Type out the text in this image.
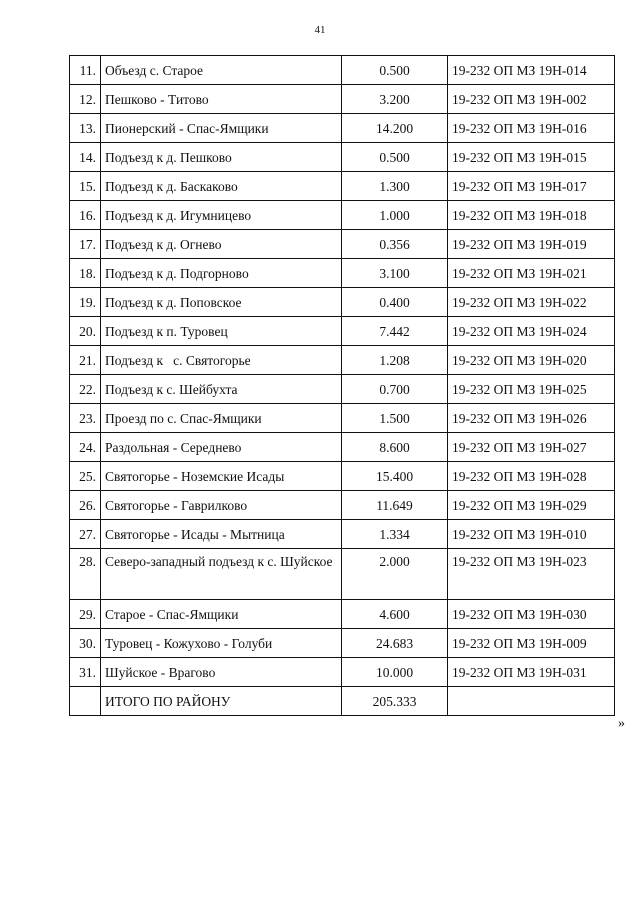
41
11.	Объезд с. Старое	0.500	19-232 ОП МЗ 19Н-014
12.	Пешково - Титово	3.200	19-232 ОП МЗ 19Н-002
13.	Пионерский - Спас-Ямщики	14.200	19-232 ОП МЗ 19Н-016
14.	Подъезд к д. Пешково	0.500	19-232 ОП МЗ 19Н-015
15.	Подъезд к д. Баскаково	1.300	19-232 ОП МЗ 19Н-017
16.	Подъезд к д. Игумницево	1.000	19-232 ОП МЗ 19Н-018
17.	Подъезд к д. Огнево	0.356	19-232 ОП МЗ 19Н-019
18.	Подъезд к д. Подгорново	3.100	19-232 ОП МЗ 19Н-021
19.	Подъезд к д. Поповское	0.400	19-232 ОП МЗ 19Н-022
20.	Подъезд к п. Туровец	7.442	19-232 ОП МЗ 19Н-024
21.	Подъезд к   с. Святогорье	1.208	19-232 ОП МЗ 19Н-020
22.	Подъезд к с. Шейбухта	0.700	19-232 ОП МЗ 19Н-025
23.	Проезд по с. Спас-Ямщики	1.500	19-232 ОП МЗ 19Н-026
24.	Раздольная - Середнево	8.600	19-232 ОП МЗ 19Н-027
25.	Святогорье - Ноземские Исады	15.400	19-232 ОП МЗ 19Н-028
26.	Святогорье - Гаврилково	11.649	19-232 ОП МЗ 19Н-029
27.	Святогорье - Исады - Мытница	1.334	19-232 ОП МЗ 19Н-010
28.	Северо-западный подъезд к с. Шуйское	2.000	19-232 ОП МЗ 19Н-023
29.	Старое - Спас-Ямщики	4.600	19-232 ОП МЗ 19Н-030
30.	Туровец - Кожухово - Голуби	24.683	19-232 ОП МЗ 19Н-009
31.	Шуйское - Враговo	10.000	19-232 ОП МЗ 19Н-031
	ИТОГО ПО РАЙОНУ	205.333	
»
